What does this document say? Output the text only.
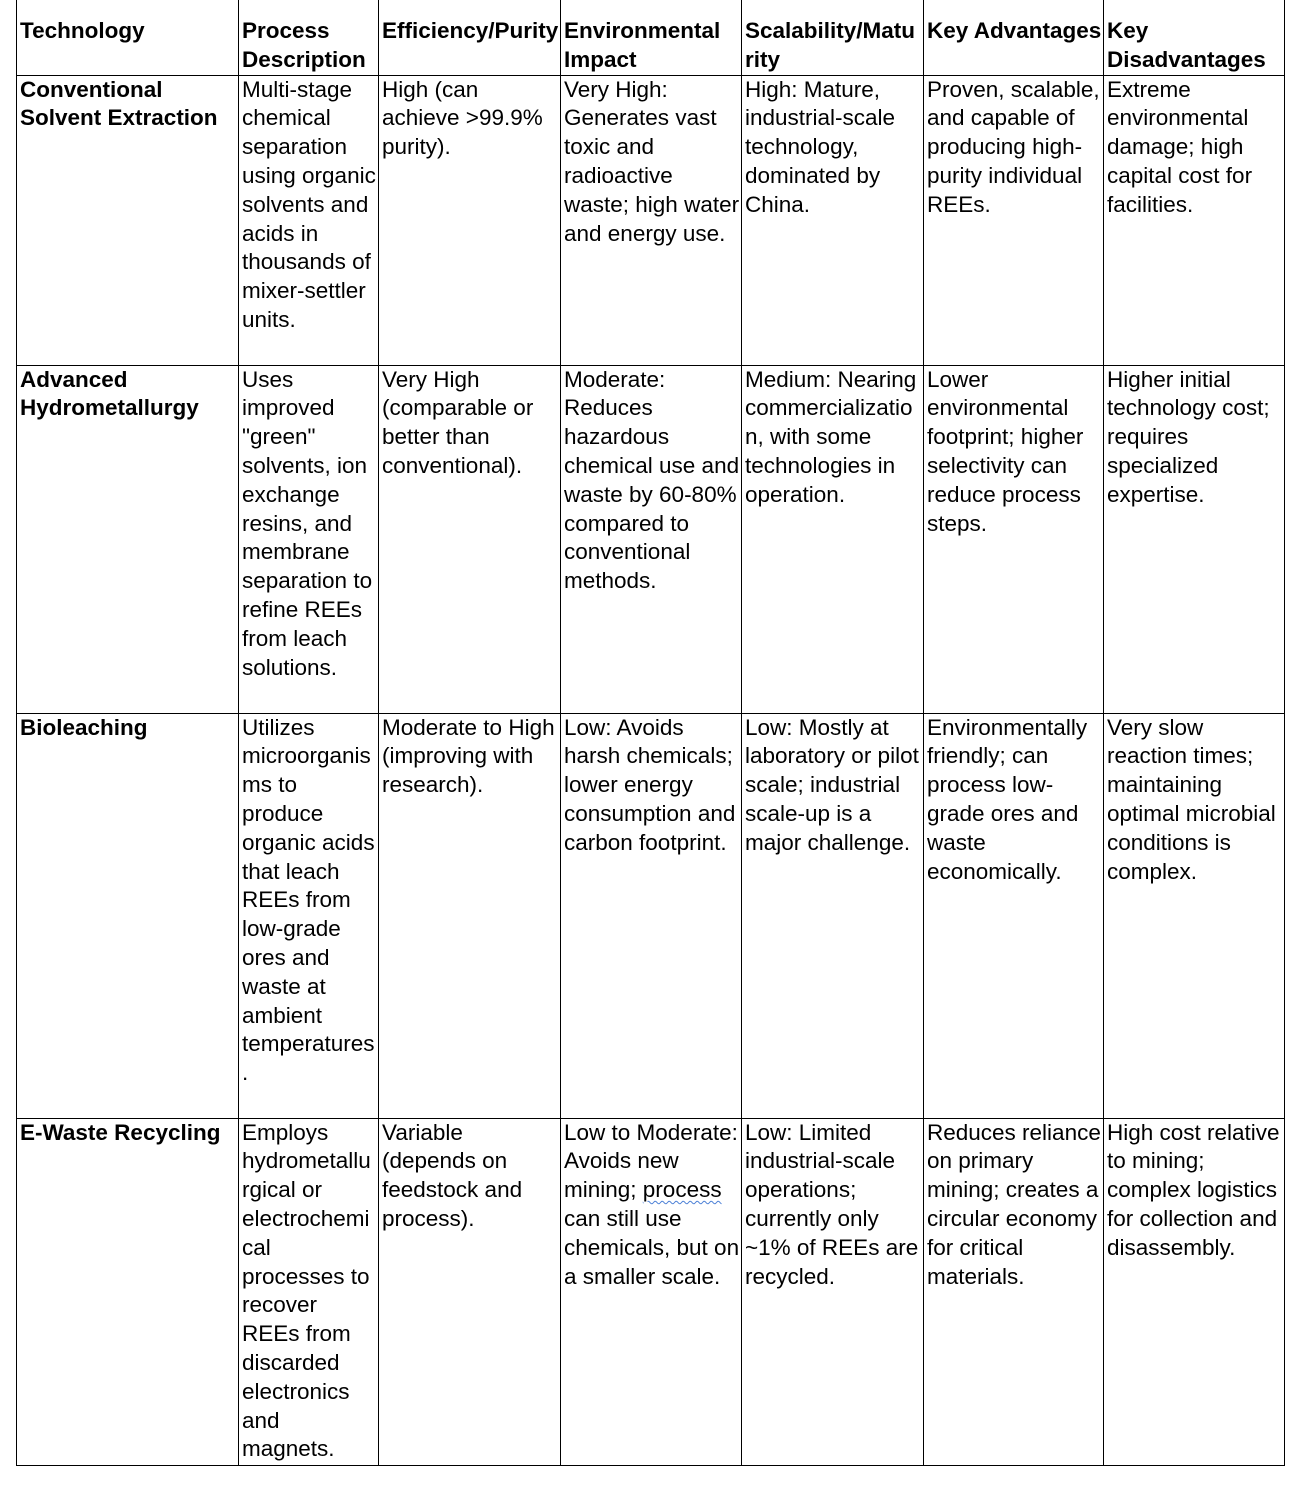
Technology	Process Description	Efficiency/Purity	Environmental Impact	Scalability/Maturity	Key Advantages	Key Disadvantages
Conventional Solvent Extraction	Multi-stage chemical separation using organic solvents and acids in thousands of mixer-settler units.	High (can achieve >99.9% purity).	Very High: Generates vast toxic and radioactive waste; high water and energy use.	High: Mature, industrial-scale technology, dominated by China.	Proven, scalable, and capable of producing high-purity individual REEs.	Extreme environmental damage; high capital cost for facilities.
Advanced Hydrometallurgy	Uses improved "green" solvents, ion exchange resins, and membrane separation to refine REEs from leach solutions.	Very High (comparable or better than conventional).	Moderate: Reduces hazardous chemical use and waste by 60-80% compared to conventional methods.	Medium: Nearing commercialization, with some technologies in operation.	Lower environmental footprint; higher selectivity can reduce process steps.	Higher initial technology cost; requires specialized expertise.
Bioleaching	Utilizes microorganisms to produce organic acids that leach REEs from low-grade ores and waste at ambient temperatures.	Moderate to High (improving with research).	Low: Avoids harsh chemicals; lower energy consumption and carbon footprint.	Low: Mostly at laboratory or pilot scale; industrial scale-up is a major challenge.	Environmentally friendly; can process low-grade ores and waste economically.	Very slow reaction times; maintaining optimal microbial conditions is complex.
E-Waste Recycling	Employs hydrometallurgical or electrochemical processes to recover REEs from discarded electronics and magnets.	Variable (depends on feedstock and process).	Low to Moderate: Avoids new mining; process can still use chemicals, but on a smaller scale.	Low: Limited industrial-scale operations; currently only ~1% of REEs are recycled.	Reduces reliance on primary mining; creates a circular economy for critical materials.	High cost relative to mining; complex logistics for collection and disassembly.
